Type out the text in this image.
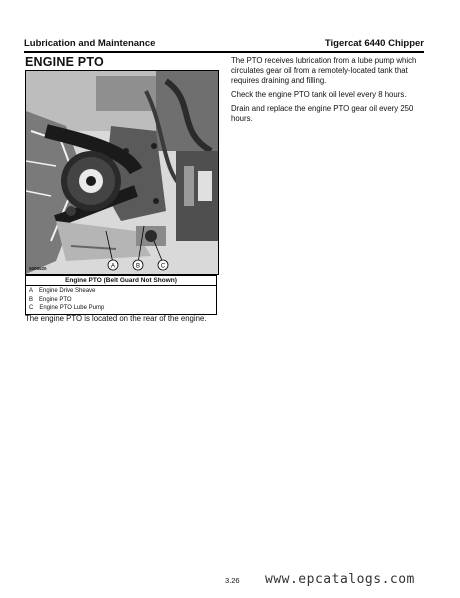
Lubrication and Maintenance	Tigercat 6440 Chipper
ENGINE PTO
A	B	C
5006520
Engine PTO (Belt Guard Not Shown)

A Engine Drive Sheave
B Engine PTO
C Engine PTO Lube Pump
The engine PTO is located on the rear of the engine.

The PTO receives lubrication from a lube pump which circulates gear oil from a remotely-located tank that requires draining and filling.

Check the engine PTO tank oil level every 8 hours.

Drain and replace the engine PTO gear oil every 250 hours.

3.26 www.epcatalogs.com
